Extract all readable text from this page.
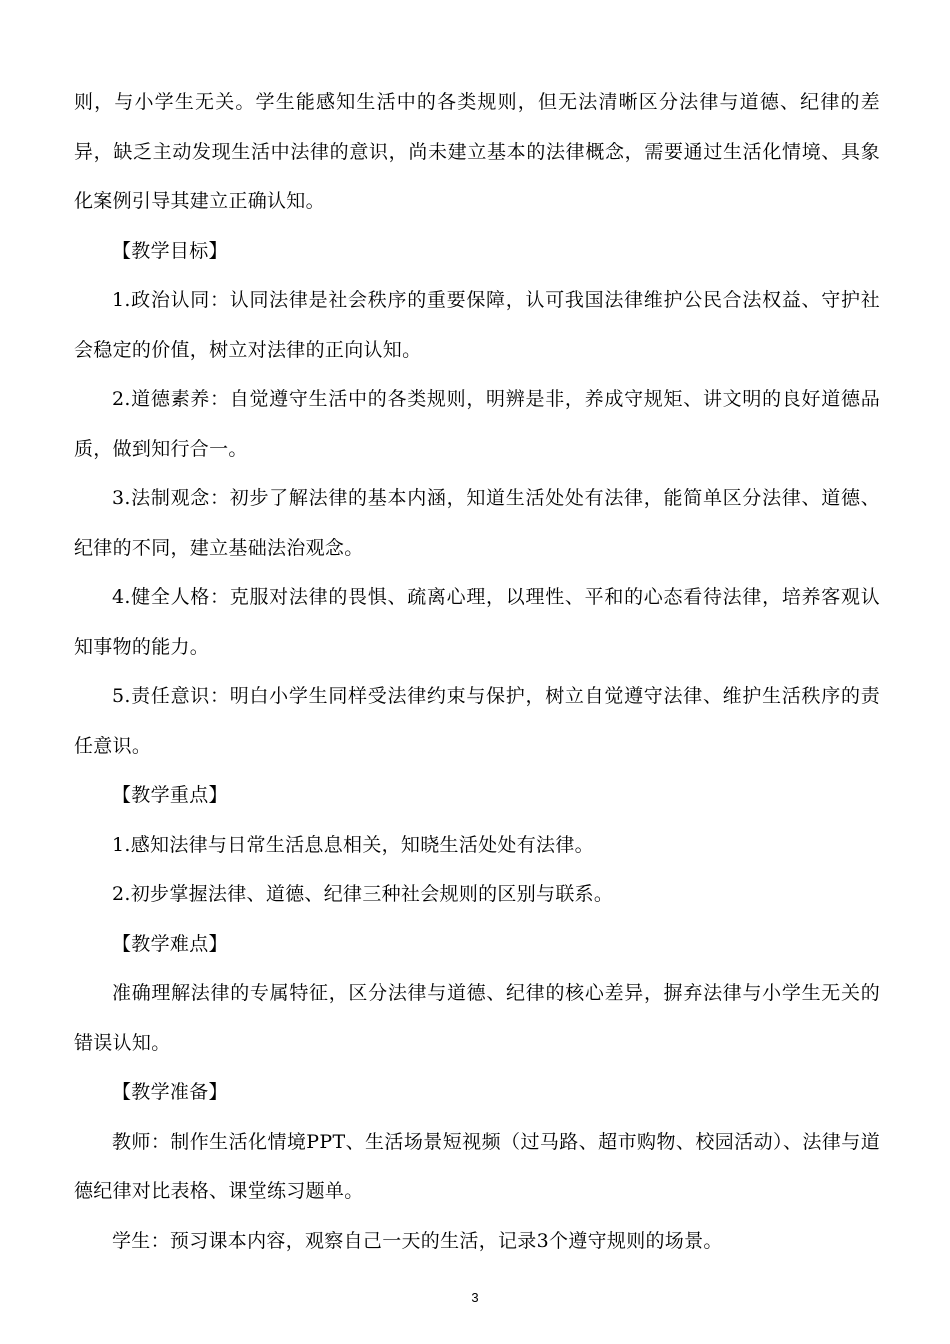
则，与小学生无关。学生能感知生活中的各类规则，但无法清晰区分法律与道德、纪律的差异，缺乏主动发现生活中法律的意识，尚未建立基本的法律概念，需要通过生活化情境、具象化案例引导其建立正确认知。

【教学目标】

1.政治认同：认同法律是社会秩序的重要保障，认可我国法律维护公民合法权益、守护社会稳定的价值，树立对法律的正向认知。

2.道德素养：自觉遵守生活中的各类规则，明辨是非，养成守规矩、讲文明的良好道德品质，做到知行合一。

3.法制观念：初步了解法律的基本内涵，知道生活处处有法律，能简单区分法律、道德、纪律的不同，建立基础法治观念。

4.健全人格：克服对法律的畏惧、疏离心理，以理性、平和的心态看待法律，培养客观认知事物的能力。

5.责任意识：明白小学生同样受法律约束与保护，树立自觉遵守法律、维护生活秩序的责任意识。

【教学重点】

1.感知法律与日常生活息息相关，知晓生活处处有法律。

2.初步掌握法律、道德、纪律三种社会规则的区别与联系。

【教学难点】

准确理解法律的专属特征，区分法律与道德、纪律的核心差异，摒弃法律与小学生无关的错误认知。

【教学准备】

教师：制作生活化情境PPT、生活场景短视频（过马路、超市购物、校园活动）、法律与道德纪律对比表格、课堂练习题单。

学生：预习课本内容，观察自己一天的生活，记录3个遵守规则的场景。

3
